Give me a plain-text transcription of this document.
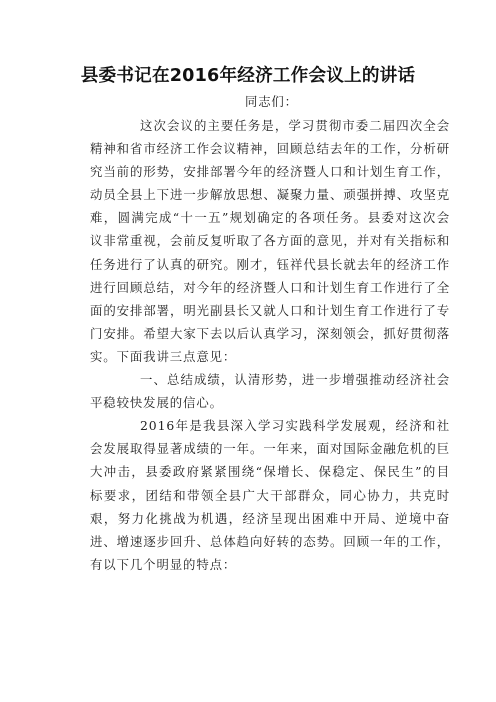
县委书记在2016年经济工作会议上的讲话
同志们：

这次会议的主要任务是，学习贯彻市委二届四次全会精神和省市经济工作会议精神，回顾总结去年的工作，分析研究当前的形势，安排部署今年的经济暨人口和计划生育工作，动员全县上下进一步解放思想、凝聚力量、顽强拼搏、攻坚克难，圆满完成“十一五”规划确定的各项任务。县委对这次会议非常重视，会前反复听取了各方面的意见，并对有关指标和任务进行了认真的研究。刚才，钰祥代县长就去年的经济工作进行回顾总结，对今年的经济暨人口和计划生育工作进行了全面的安排部署，明光副县长又就人口和计划生育工作进行了专门安排。希望大家下去以后认真学习，深刻领会，抓好贯彻落实。下面我讲三点意见：

一、总结成绩，认清形势，进一步增强推动经济社会平稳较快发展的信心。

2016年是我县深入学习实践科学发展观，经济和社会发展取得显著成绩的一年。一年来，面对国际金融危机的巨大冲击，县委政府紧紧围绕“保增长、保稳定、保民生”的目标要求，团结和带领全县广大干部群众，同心协力，共克时艰，努力化挑战为机遇，经济呈现出困难中开局、逆境中奋进、增速逐步回升、总体趋向好转的态势。回顾一年的工作，有以下几个明显的特点：
